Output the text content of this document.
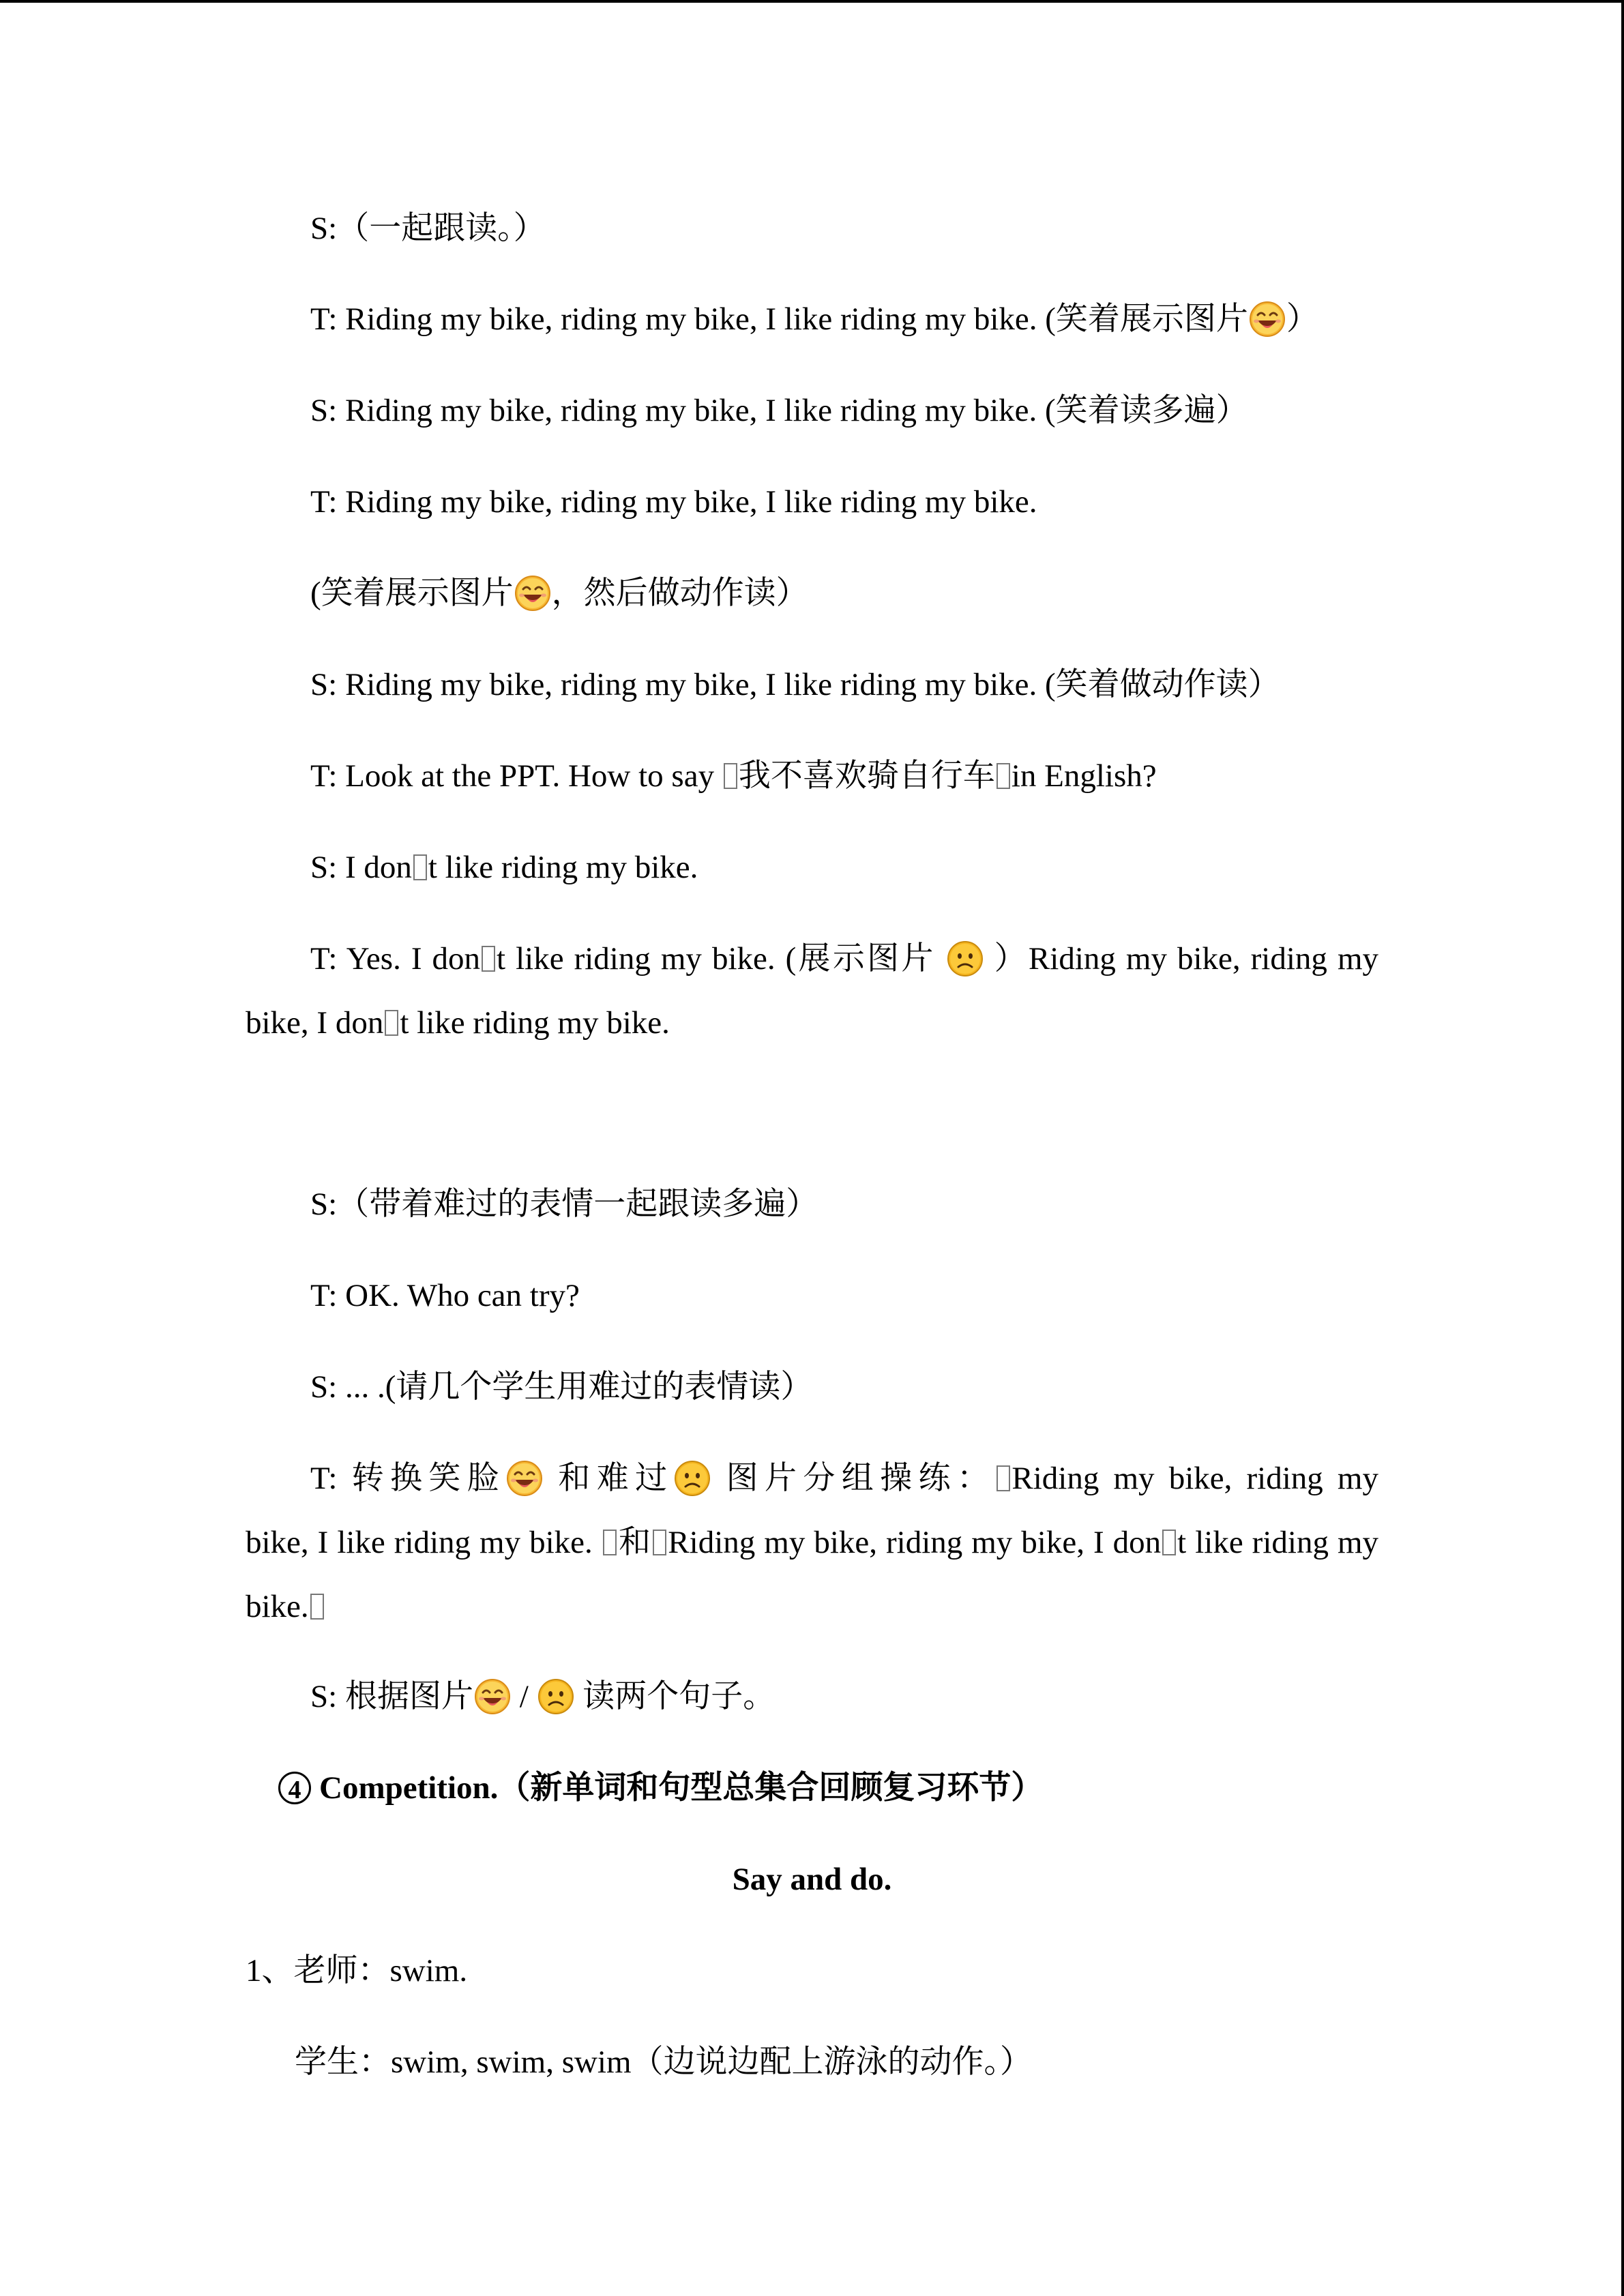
S:（一起跟读。）
T: Riding my bike, riding my bike, I like riding my bike. (笑着展示图片 ）
S: Riding my bike, riding my bike, I like riding my bike. (笑着读多遍）
T: Riding my bike, riding my bike, I like riding my bike.
(笑着展示图片 ，然后做动作读）
S: Riding my bike, riding my bike, I like riding my bike. (笑着做动作读）
T: Look at the PPT. How to say 我不喜欢骑自行车 in English?
S: I don t like riding my bike.
T: Yes. I don t like riding my bike. (展示图片  ）Riding my bike, riding my
bike, I don t like riding my bike.
S:（带着难过的表情一起跟读多遍）
T: OK. Who can try?
S: ... .(请几个学生用难过的表情读）
T: 转换笑脸 和难过 图片分组操练： Riding my bike, riding my
bike, I like riding my bike. 和 Riding my bike, riding my bike, I don t like riding my
bike.
S: 根据图片 /  读两个句子。
4 Competition.（新单词和句型总集合回顾复习环节）
Say and do.
1、老师：swim.
学生：swim, swim, swim（边说边配上游泳的动作。）
